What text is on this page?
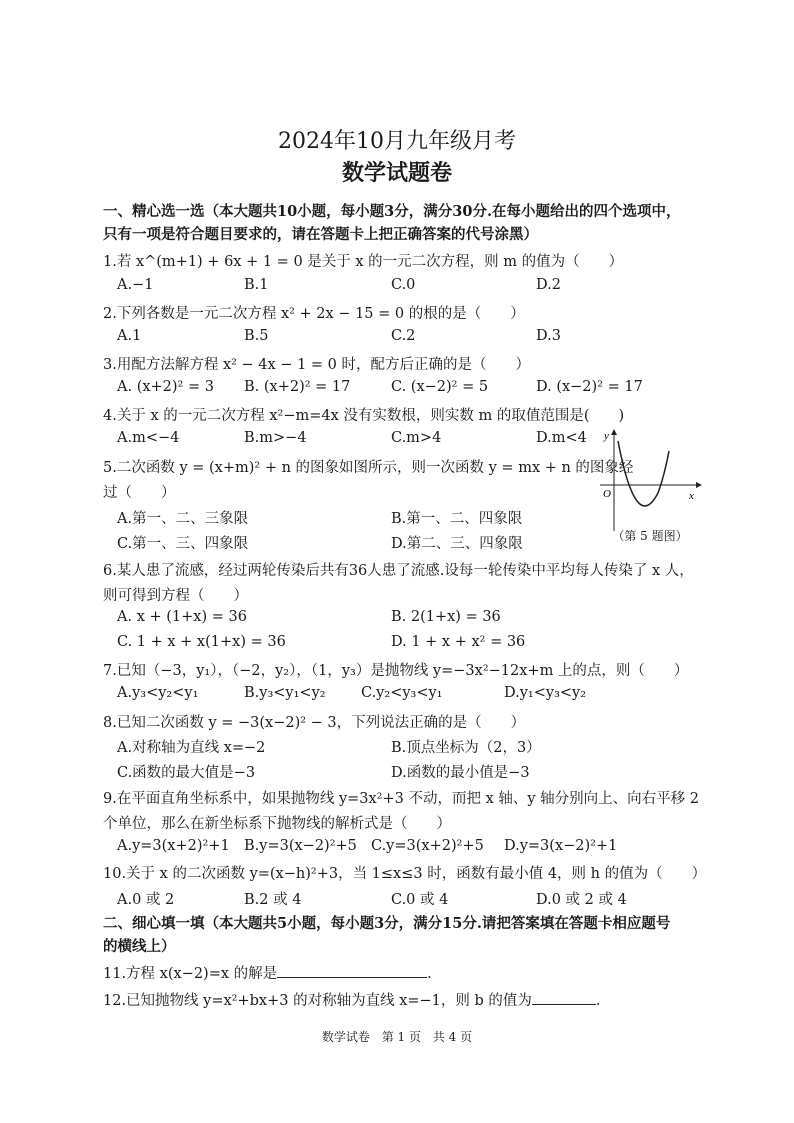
2024年10月九年级月考
数学试题卷
一、精心选一选（本大题共10小题，每小题3分，满分30分.在每小题给出的四个选项中，只有一项是符合题目要求的，请在答题卡上把正确答案的代号涂黑）
1.若 x^(m+1) + 6x + 1 = 0 是关于 x 的一元二次方程，则 m 的值为（　　）
A.−1	B.1	C.0	D.2
2.下列各数是一元二次方程 x² + 2x − 15 = 0 的根的是（　　）
A.1	B.5	C.2	D.3
3.用配方法解方程 x² − 4x − 1 = 0 时，配方后正确的是（　　）
A. (x+2)² = 3 B. (x+2)² = 17	C. (x−2)² = 5	D. (x−2)² = 17
4.关于 x 的一元二次方程 x²−m=4x 没有实数根，则实数 m 的取值范围是(　　)
A.m<−4	B.m>−4	C.m>4	D.m<4
5.二次函数 y = (x+m)² + n 的图象如图所示，则一次函数 y = mx + n 的图象经
过（　　）
A.第一、二、三象限	B.第一、二、四象限
C.第一、三、四象限	D.第二、三、四象限
x
y
O
（第 5 题图）
6.某人患了流感，经过两轮传染后共有36人患了流感.设每一轮传染中平均每人传染了 x 人，
则可得到方程（　　）
A. x + (1+x) = 36	B. 2(1+x) = 36
C. 1 + x + x(1+x) = 36	D. 1 + x + x² = 36
7.已知（−3，y₁），（−2，y₂），（1，y₃）是抛物线 y=−3x²−12x+m 上的点，则（　　）
A.y₃<y₂<y₁	B.y₃<y₁<y₂ C.y₂<y₃<y₁	D.y₁<y₃<y₂
8.已知二次函数 y = −3(x−2)² − 3，下列说法正确的是（　　）
A.对称轴为直线 x=−2	B.顶点坐标为（2，3）
C.函数的最大值是−3	D.函数的最小值是−3
9.在平面直角坐标系中，如果抛物线 y=3x²+3 不动，而把 x 轴、y 轴分别向上、向右平移 2
个单位，那么在新坐标系下抛物线的解析式是（　　）
A.y=3(x+2)²+1 B.y=3(x−2)²+5 C.y=3(x+2)²+5 D.y=3(x−2)²+1
10.关于 x 的二次函数 y=(x−h)²+3，当 1≤x≤3 时，函数有最小值 4，则 h 的值为（　　）
A.0 或 2	B.2 或 4	C.0 或 4	D.0 或 2 或 4
二、细心填一填（本大题共5小题，每小题3分，满分15分.请把答案填在答题卡相应题号的横线上）
11.方程 x(x−2)=x 的解是	.
12.已知抛物线 y=x²+bx+3 的对称轴为直线 x=−1，则 b 的值为	.
数学试卷 第 1 页 共 4 页
